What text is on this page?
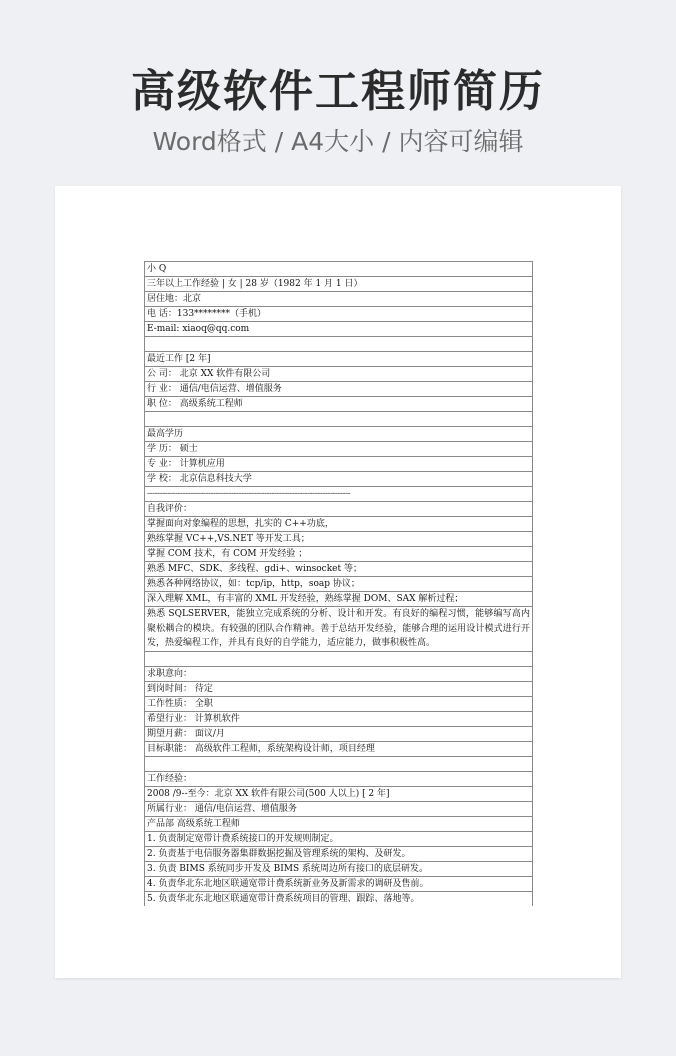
高级软件工程师简历
Word格式 / A4大小 / 内容可编辑
小 Q
三年以上工作经验 | 女 | 28 岁（1982 年 1 月 1 日）
居住地：北京
电 话：133********（手机）
E-mail: xiaoq@qq.com
最近工作 [2 年]
公 司： 北京 XX 软件有限公司
行 业： 通信/电信运营、增值服务
职 位： 高级系统工程师
最高学历
学 历： 硕士
专 业： 计算机应用
学 校： 北京信息科技大学
--------------------------------------------------------------------------------
自我评价：
掌握面向对象编程的思想，扎实的 C++功底，
熟练掌握 VC++,VS.NET 等开发工具；
掌握 COM 技术，有 COM 开发经验 ；
熟悉 MFC、SDK、多线程、gdi+、winsocket 等；
熟悉各种网络协议，如：tcp/ip，http，soap 协议；
深入理解 XML，有丰富的 XML 开发经验，熟练掌握 DOM、SAX 解析过程；
熟悉 SQLSERVER，能独立完成系统的分析、设计和开发。有良好的编程习惯，能够编写高内聚松耦合的模块。有较强的团队合作精神。善于总结开发经验，能够合理的运用设计模式进行开发，热爱编程工作，并具有良好的自学能力，适应能力，做事积极性高。
求职意向：
到岗时间： 待定
工作性质： 全职
希望行业： 计算机软件
期望月薪： 面议/月
目标职能： 高级软件工程师，系统架构设计师，项目经理
工作经验：
2008 /9--至今：北京 XX 软件有限公司(500 人以上) [ 2 年]
所属行业： 通信/电信运营、增值服务
产品部 高级系统工程师
1. 负责制定宽带计费系统接口的开发规则制定。
2. 负责基于电信服务器集群数据挖掘及管理系统的架构、及研发。
3. 负责 BIMS 系统同步开发及 BIMS 系统周边所有接口的底层研发。
4. 负责华北东北地区联通宽带计费系统新业务及新需求的调研及售前。
5. 负责华北东北地区联通宽带计费系统项目的管理、跟踪、落地等。
